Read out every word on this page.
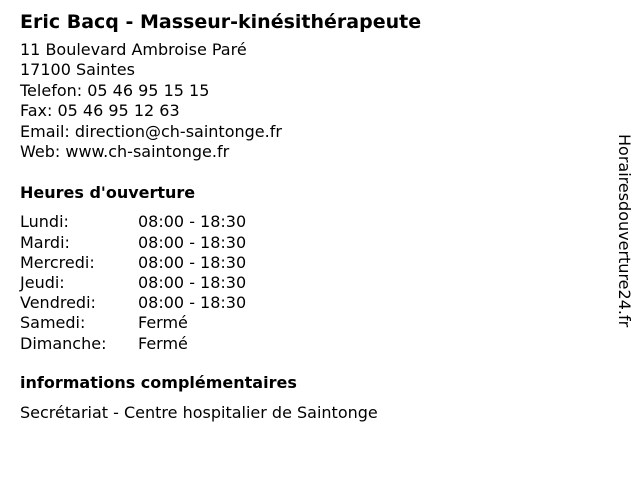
Eric Bacq - Masseur-kinésithérapeute
11 Boulevard Ambroise Paré
17100 Saintes
Telefon: 05 46 95 15 15
Fax: 05 46 95 12 63
Email: direction@ch-saintonge.fr
Web: www.ch-saintonge.fr
Heures d'ouverture
Lundi:	08:00 - 18:30
Mardi:	08:00 - 18:30
Mercredi:	08:00 - 18:30
Jeudi:	08:00 - 18:30
Vendredi:	08:00 - 18:30
Samedi:	Fermé
Dimanche:	Fermé
informations complémentaires
Secrétariat - Centre hospitalier de Saintonge
Horairesdouverture24.fr
